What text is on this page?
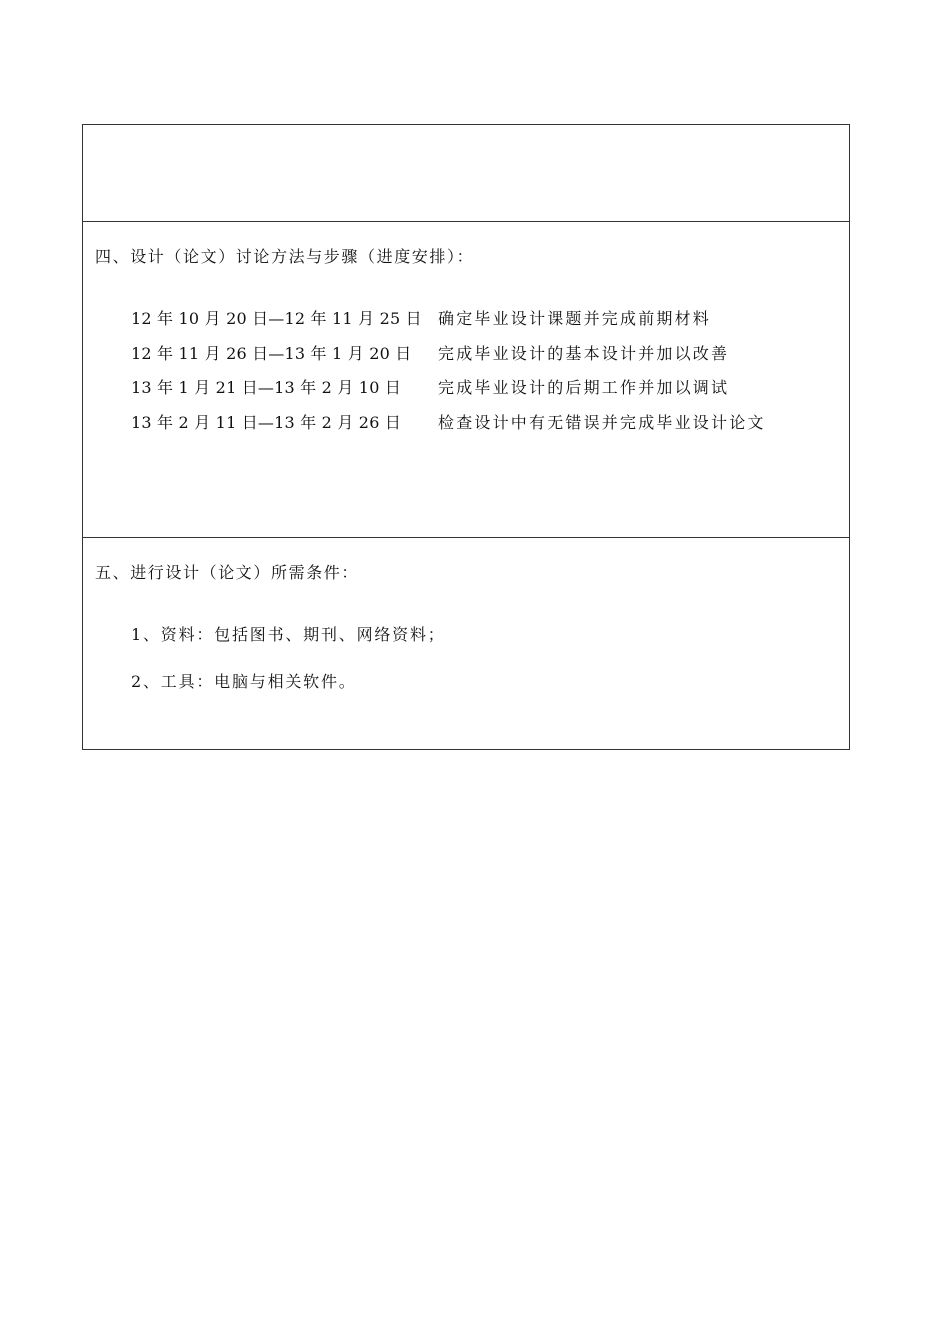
四、设计（论文）讨论方法与步骤（进度安排）：
12 年 10 月 20 日—12 年 11 月 25 日	确定毕业设计课题并完成前期材料
12 年 11 月 26 日—13 年 1 月 20 日	完成毕业设计的基本设计并加以改善
13 年 1 月 21 日—13 年 2 月 10 日	完成毕业设计的后期工作并加以调试
13 年 2 月 11 日—13 年 2 月 26 日	检查设计中有无错误并完成毕业设计论文
五、进行设计（论文）所需条件：
1、资料：包括图书、期刊、网络资料；
2、工具：电脑与相关软件。
